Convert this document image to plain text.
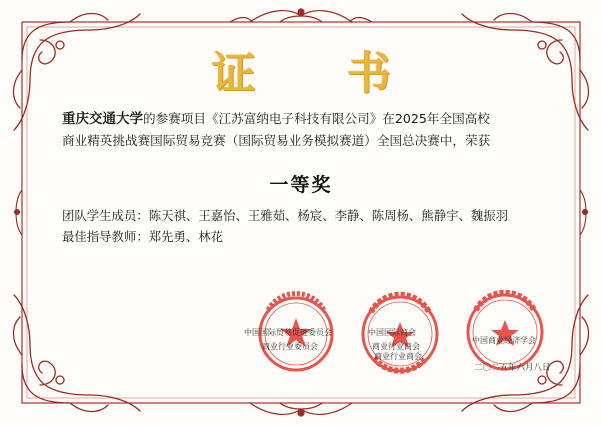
证 书
重庆交通大学的参赛项目《江苏富纳电子科技有限公司》在2025年全国高校
商业精英挑战赛国际贸易竞赛（国际贸易业务模拟赛道）全国总决赛中，荣获
一等奖
团队学生成员：陈天祺、王嘉怡、王雅茹、杨宸、李静、陈周杨、熊静宇、魏振羽
最佳指导教师：郑先勇、林花
中国国际贸易促进委员会
商业行业委员会
中国国际商会
商业行业商会
商业行业商会
中国商业经济学会
二〇二五年六月八日
